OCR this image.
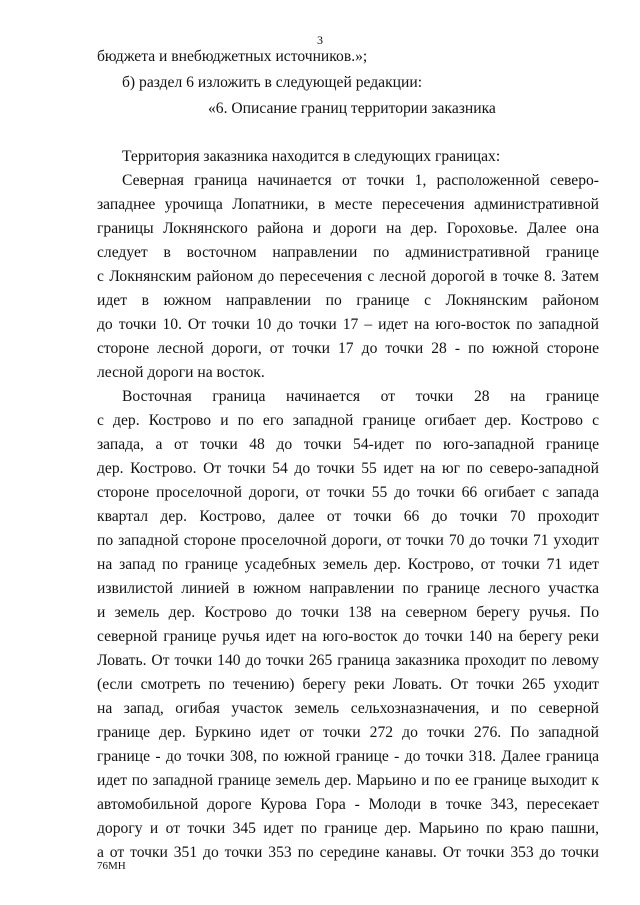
3
бюджета и внебюджетных источников.»;
б) раздел 6 изложить в следующей редакции:
«6. Описание границ территории заказника
Территория заказника находится в следующих границах:
Северная граница начинается от точки 1, расположенной северо-
западнее урочища Лопатники, в месте пересечения административной
границы Локнянского района и дороги на дер. Гороховье. Далее она
следует в восточном направлении по административной границе
с Локнянским районом до пересечения с лесной дорогой в точке 8. Затем
идет в южном направлении по границе с Локнянским районом
до точки 10. От точки 10 до точки 17 – идет на юго-восток по западной
стороне лесной дороги, от точки 17 до точки 28 - по южной стороне
лесной дороги на восток.
Восточная граница начинается от точки 28 на границе
с дер. Кострово и по его западной границе огибает дер. Кострово с
запада, а от точки 48 до точки 54-идет по юго-западной границе
дер. Кострово. От точки 54 до точки 55 идет на юг по северо-западной
стороне проселочной дороги, от точки 55 до точки 66 огибает с запада
квартал дер. Кострово, далее от точки 66 до точки 70 проходит
по западной стороне проселочной дороги, от точки 70 до точки 71 уходит
на запад по границе усадебных земель дер. Кострово, от точки 71 идет
извилистой линией в южном направлении по границе лесного участка
и земель дер. Кострово до точки 138 на северном берегу ручья. По
северной границе ручья идет на юго-восток до точки 140 на берегу реки
Ловать. От точки 140 до точки 265 граница заказника проходит по левому
(если смотреть по течению) берегу реки Ловать. От точки 265 уходит
на запад, огибая участок земель сельхозназначения, и по северной
границе дер. Буркино идет от точки 272 до точки 276. По западной
границе - до точки 308, по южной границе - до точки 318. Далее граница
идет по западной границе земель дер. Марьино и по ее границе выходит к
автомобильной дороге Курова Гора - Молоди в точке 343, пересекает
дорогу и от точки 345 идет по границе дер. Марьино по краю пашни,
а от точки 351 до точки 353 по середине канавы. От точки 353 до точки
76МН
